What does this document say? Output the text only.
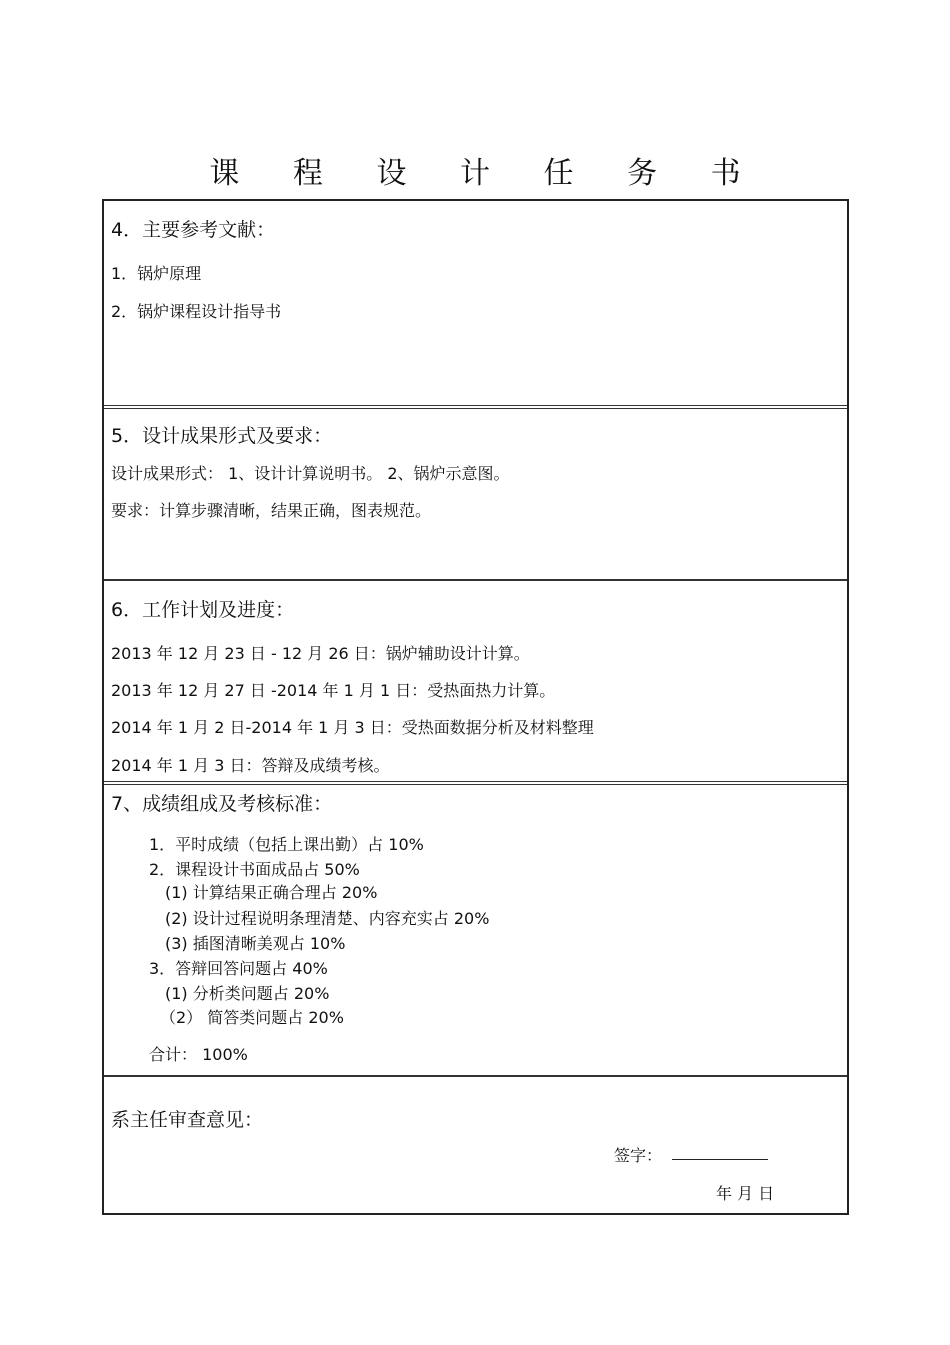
课 程 设 计 任 务 书
4．主要参考文献：
1．锅炉原理
2．锅炉课程设计指导书
5．设计成果形式及要求：
设计成果形式： 1、设计计算说明书。 2、锅炉示意图。
要求：计算步骤清晰，结果正确，图表规范。
6．工作计划及进度：
2013 年 12 月 23 日 - 12 月 26 日：锅炉辅助设计计算。
2013 年 12 月 27 日 -2014 年 1 月 1 日：受热面热力计算。
2014 年 1 月 2 日-2014 年 1 月 3 日：受热面数据分析及材料整理
2014 年 1 月 3 日：答辩及成绩考核。
7、成绩组成及考核标准：
1．平时成绩（包括上课出勤）占 10%
2．课程设计书面成品占 50%
(1) 计算结果正确合理占 20%
(2) 设计过程说明条理清楚、内容充实占 20%
(3) 插图清晰美观占 10%
3．答辩回答问题占 40%
(1) 分析类问题占 20%
（2） 简答类问题占 20%
合计： 100%
系主任审查意见：
签字：
年 月 日
